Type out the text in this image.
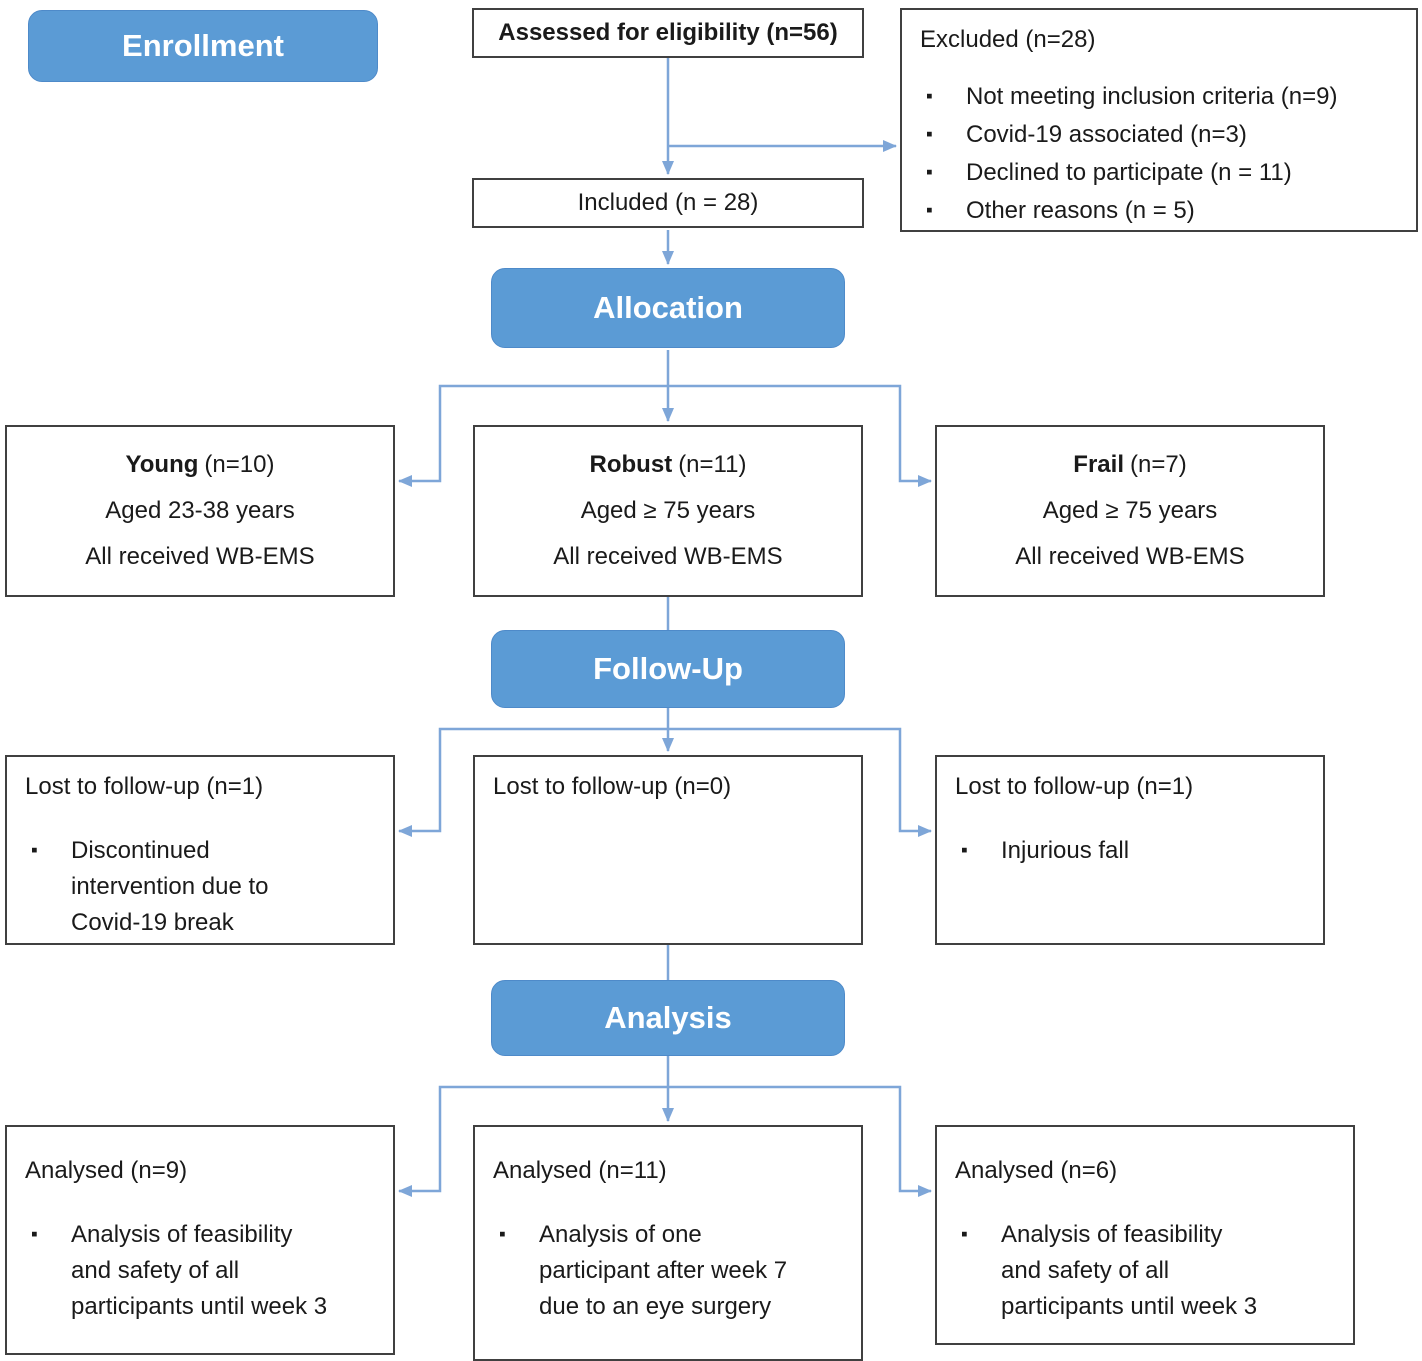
Enrollment
Allocation
Follow-Up
Analysis
Assessed for eligibility (n=56)	Excluded (n=28)
▪ Not meeting inclusion criteria (n=9)
▪ Covid-19 associated (n=3)
▪ Declined to participate (n = 11)
▪ Other reasons (n = 5)
Included (n = 28)
Young (n=10)
Aged 23-38 years
All received WB-EMS
Robust (n=11)
Aged ≥ 75 years
All received WB-EMS
Frail (n=7)
Aged ≥ 75 years
All received WB-EMS
Lost to follow-up (n=1)
▪ Discontinued intervention due to Covid-19 break
Lost to follow-up (n=0)	Lost to follow-up (n=1)
▪ Injurious fall
Analysed (n=9)
▪ Analysis of feasibility and safety of all participants until week 3
Analysed (n=11)
▪ Analysis of one participant after week 7 due to an eye surgery
Analysed (n=6)
▪ Analysis of feasibility and safety of all participants until week 3
